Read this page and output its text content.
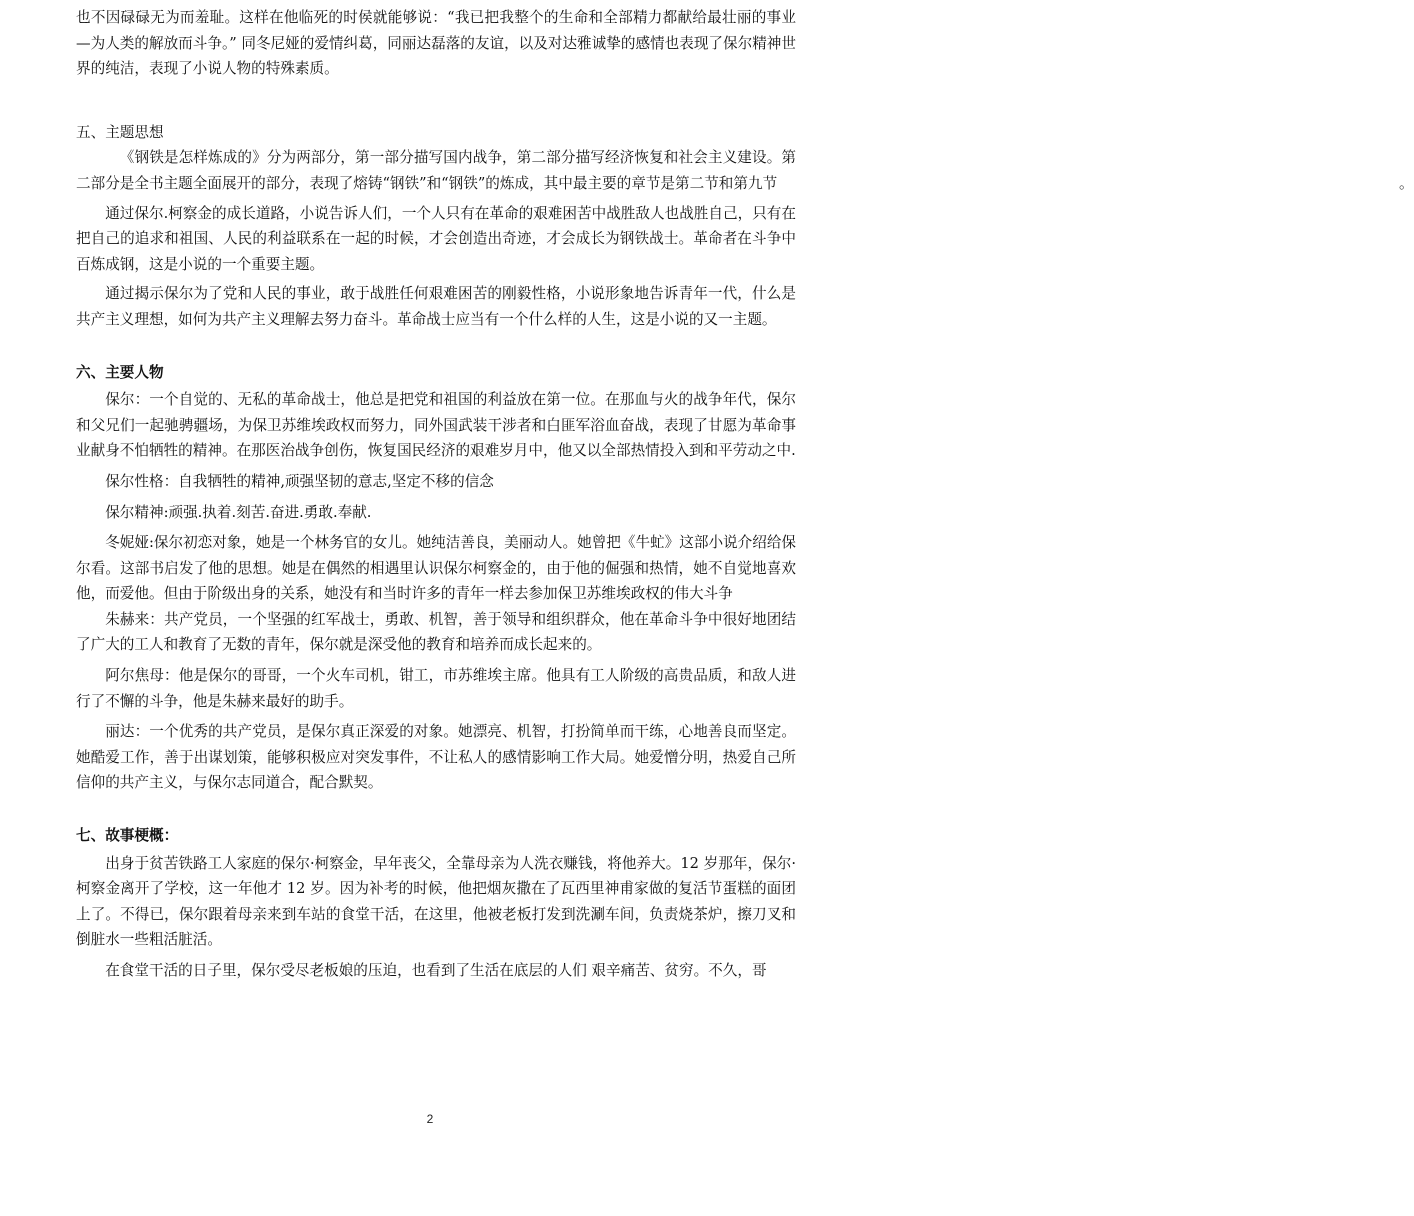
也不因碌碌无为而羞耻。这样在他临死的时侯就能够说：“我已把我整个的生命和全部精力都献给最壮丽的事业—为人类的解放而斗争。” 同冬尼娅的爱情纠葛，同丽达磊落的友谊，以及对达雅诚挚的感情也表现了保尔精神世界的纯洁，表现了小说人物的特殊素质。

五、主题思想

《钢铁是怎样炼成的》分为两部分，第一部分描写国内战争，第二部分描写经济恢复和社会主义建设。第二部分是全书主题全面展开的部分，表现了熔铸“钢铁”和“钢铁”的炼成，其中最主要的章节是第二节和第九节	。

通过保尔.柯察金的成长道路，小说告诉人们，一个人只有在革命的艰难困苦中战胜敌人也战胜自己，只有在把自己的追求和祖国、人民的利益联系在一起的时候，才会创造出奇迹，才会成长为钢铁战士。革命者在斗争中百炼成钢，这是小说的一个重要主题。

通过揭示保尔为了党和人民的事业，敢于战胜任何艰难困苦的刚毅性格，小说形象地告诉青年一代，什么是共产主义理想，如何为共产主义理解去努力奋斗。革命战士应当有一个什么样的人生，这是小说的又一主题。

六、主要人物

保尔：一个自觉的、无私的革命战士，他总是把党和祖国的利益放在第一位。在那血与火的战争年代，保尔和父兄们一起驰骋疆场，为保卫苏维埃政权而努力，同外国武装干涉者和白匪军浴血奋战，表现了甘愿为革命事业献身不怕牺牲的精神。在那医治战争创伤，恢复国民经济的艰难岁月中，他又以全部热情投入到和平劳动之中.

保尔性格：自我牺牲的精神,顽强坚韧的意志,坚定不移的信念

保尔精神:顽强.执着.刻苦.奋进.勇敢.奉献.

冬妮娅:保尔初恋对象，她是一个林务官的女儿。她纯洁善良，美丽动人。她曾把《牛虻》这部小说介绍给保尔看。这部书启发了他的思想。她是在偶然的相遇里认识保尔柯察金的，由于他的倔强和热情，她不自觉地喜欢他，而爱他。但由于阶级出身的关系，她没有和当时许多的青年一样去参加保卫苏维埃政权的伟大斗争

朱赫来：共产党员，一个坚强的红军战士，勇敢、机智，善于领导和组织群众，他在革命斗争中很好地团结了广大的工人和教育了无数的青年，保尔就是深受他的教育和培养而成长起来的。

阿尔焦母：他是保尔的哥哥，一个火车司机，钳工，市苏维埃主席。他具有工人阶级的高贵品质，和敌人进行了不懈的斗争，他是朱赫来最好的助手。

丽达：一个优秀的共产党员，是保尔真正深爱的对象。她漂亮、机智，打扮简单而干练，心地善良而坚定。她酷爱工作，善于出谋划策，能够积极应对突发事件，不让私人的感情影响工作大局。她爱憎分明，热爱自己所信仰的共产主义，与保尔志同道合，配合默契。

七、故事梗概：

出身于贫苦铁路工人家庭的保尔·柯察金，早年丧父，全靠母亲为人洗衣赚钱，将他养大。12 岁那年，保尔·柯察金离开了学校，这一年他才 12 岁。因为补考的时候，他把烟灰撒在了瓦西里神甫家做的复活节蛋糕的面团上了。不得已，保尔跟着母亲来到车站的食堂干活，在这里，他被老板打发到洗涮车间，负责烧茶炉，擦刀叉和倒脏水一些粗活脏活。

在食堂干活的日子里，保尔受尽老板娘的压迫，也看到了生活在底层的人们 艰辛痛苦、贫穷。不久，哥

2
